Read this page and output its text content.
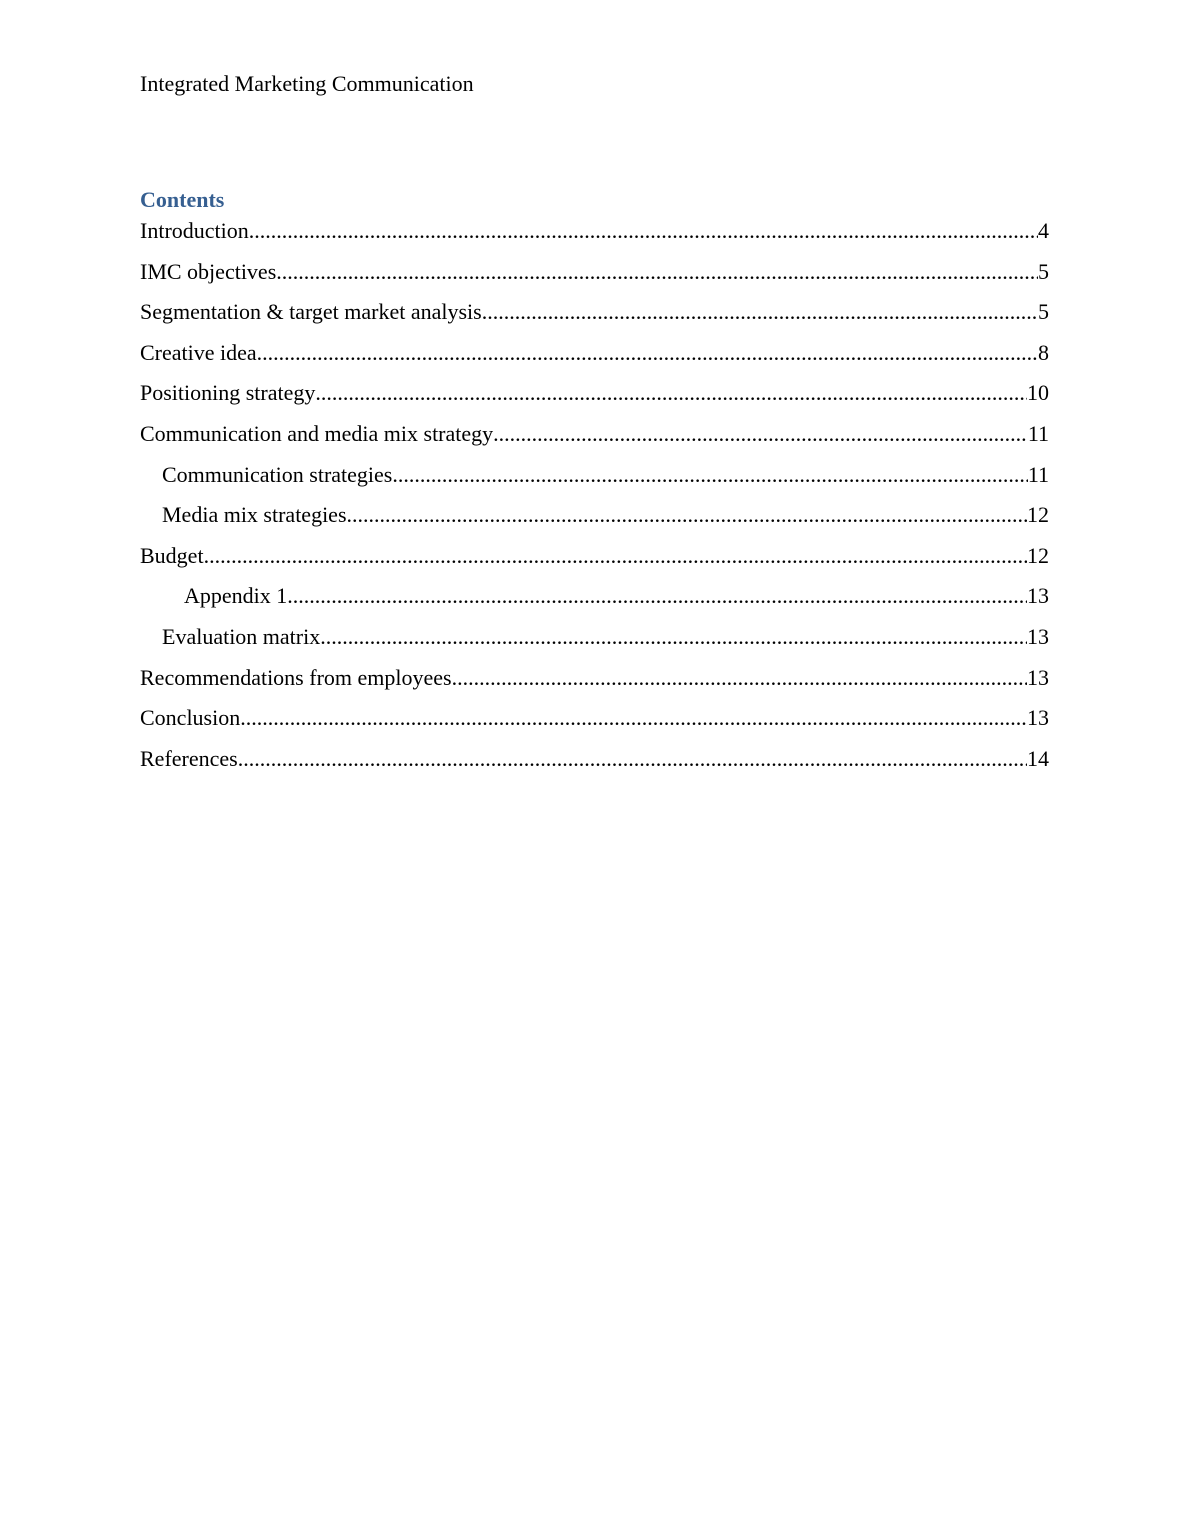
Integrated Marketing Communication
Contents
Introduction .....	4
IMC objectives .....	5
Segmentation & target market analysis .....	5
Creative idea .....	8
Positioning strategy .....	10
Communication and media mix strategy .....	11
Communication strategies .....	11
Media mix strategies .....	12
Budget .....	12
Appendix 1 .....	13
Evaluation matrix .....	13
Recommendations from employees .....	13
Conclusion .....	13
References .....	14
